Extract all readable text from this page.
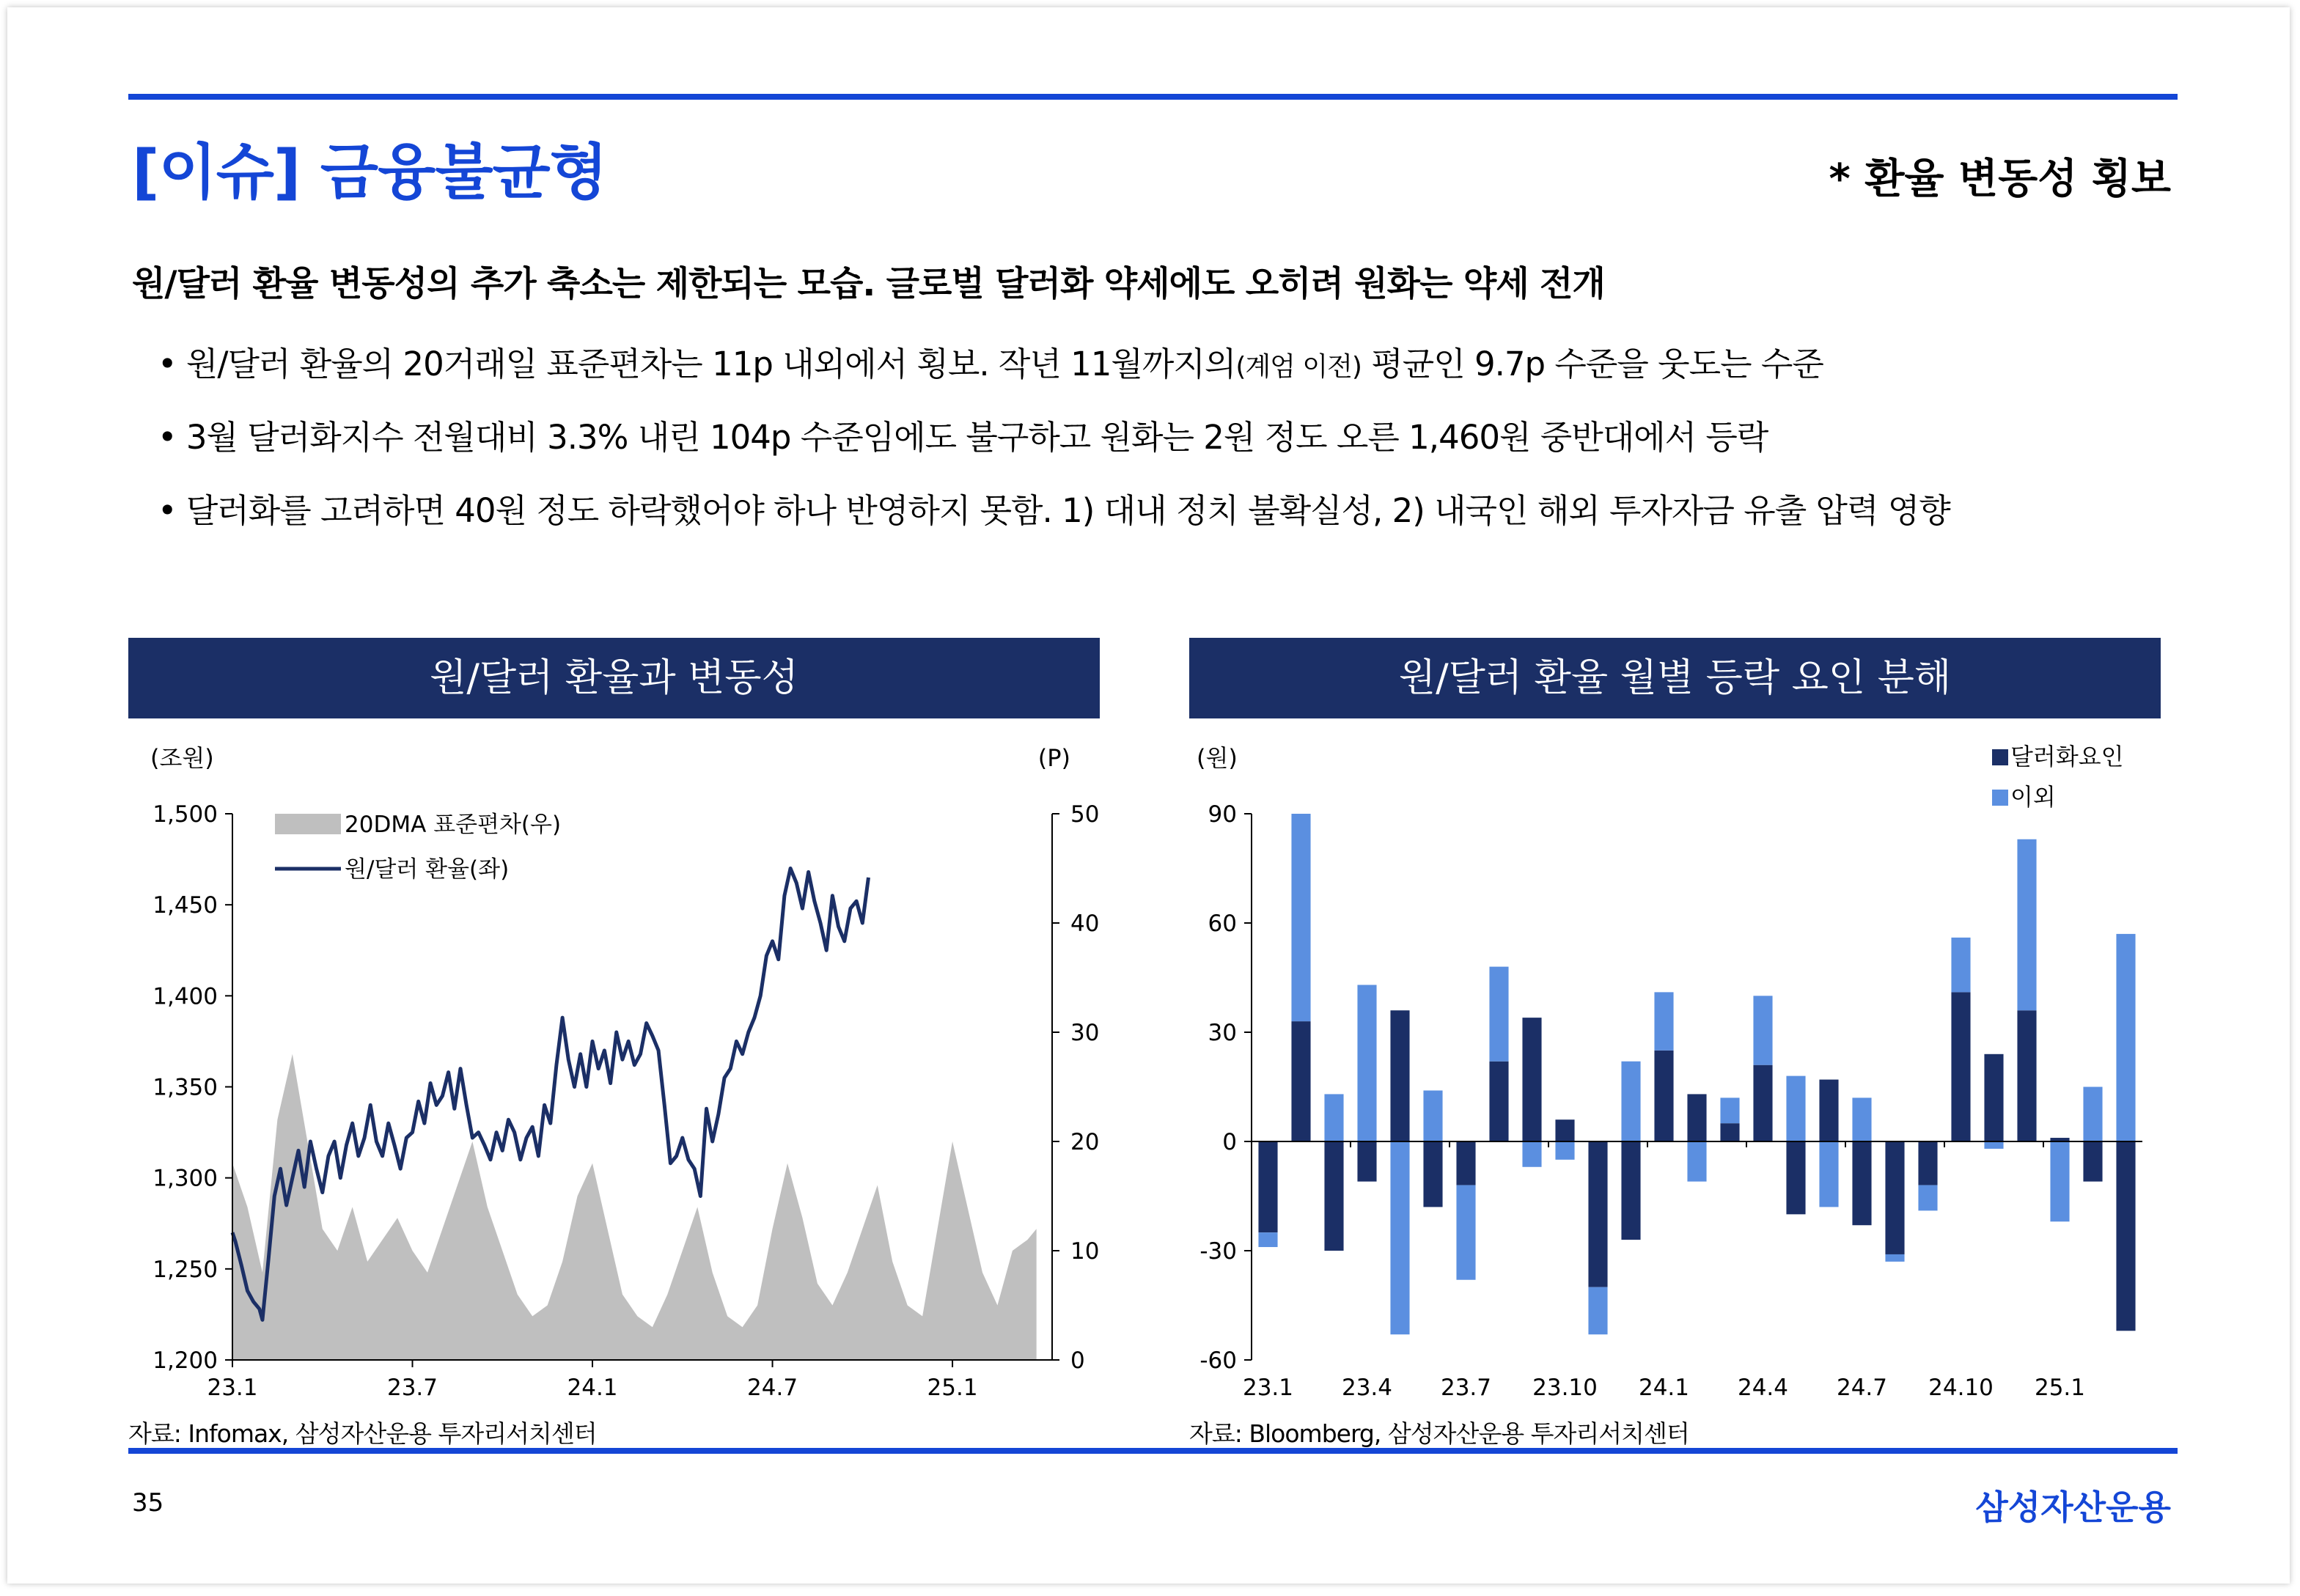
[이슈] 금융불균형	* 환율 변동성 횡보
원/달러 환율 변동성의 추가 축소는 제한되는 모습. 글로벌 달러화 약세에도 오히려 원화는 약세 전개
• 원/달러 환율의 20거래일 표준편차는 11p 내외에서 횡보. 작년 11월까지의(계엄 이전) 평균인 9.7p 수준을 웃도는 수준
• 3월 달러화지수 전월대비 3.3% 내린 104p 수준임에도 불구하고 원화는 2원 정도 오른 1,460원 중반대에서 등락
• 달러화를 고려하면 40원 정도 하락했어야 하나 반영하지 못함. 1) 대내 정치 불확실성, 2) 내국인 해외 투자자금 유출 압력 영향
원/달러 환율과 변동성
(조원)	(P)
1,500
1,450
1,400
1,350
1,300
1,250
1,200
50
40
30
20
10
0
23.1	23.7	24.1	24.7	25.1
20DMA 표준편차(우)
원/달러 환율(좌)
자료: Infomax, 삼성자산운용 투자리서치센터
원/달러 환율 월별 등락 요인 분해
(원)	달러화요인
이외
90
60
30
0
-30
-60
23.1 23.4 23.7 23.10 24.1 24.4 24.7 24.10 25.1
자료: Bloomberg, 삼성자산운용 투자리서치센터
35	삼성자산운용
